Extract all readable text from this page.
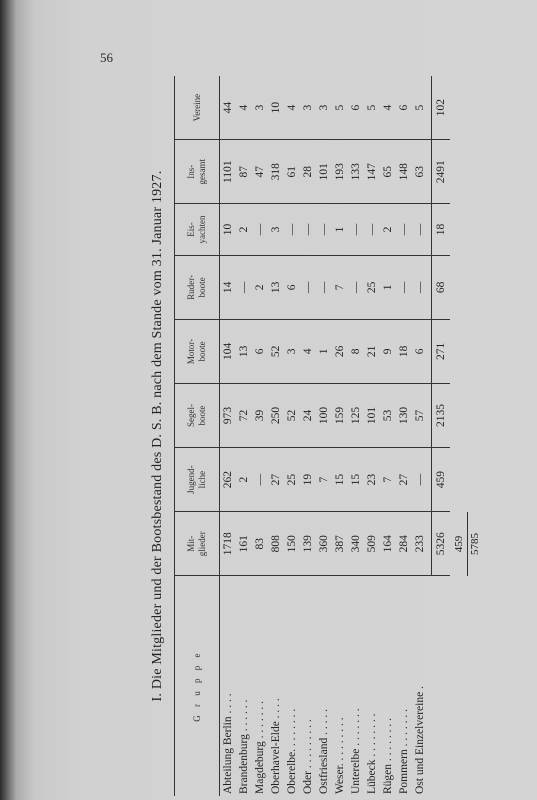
56
I. Die Mitglieder und der Bootsbestand des D. S. B. nach dem Stande vom 31. Januar 1927.	G r u p p e	Mit-
glieder	Jugend-
liche	Segel-
boote	Motor-
boote	Ruder-
boote	Eis-
yachten	Ins-
gesamt	Vereine
Abteilung Berlin . . . .	1718	262	973	104	14	10	1101	44
Brandenburg . . . . . .	161	2	72	13	—	2	87	4
Magdeburg . . . . . . .	83	—	39	6	2	—	47	3
Oberhavel-Elde . . . .	808	27	250	52	13	3	318	10
Oberelbe. . . . . . . .	150	25	52	3	6	—	61	4
Oder . . . . . . . . .	139	19	24	4	—	—	28	3
Ostfriesland . . . . .	360	7	100	1	—	—	101	3
Weser. . . . . . . . .	387	15	159	26	7	1	193	5
Unterelbe . . . . . . .	340	15	125	8	—	—	133	6
Lübeck . . . . . . . .	509	23	101	21	25	—	147	5
Rügen . . . . . . . .	164	7	53	9	1	2	65	4
Pommern . . . . . . .	284	27	130	18	—	—	148	6
Ost und Einzelvereine .	233	—	57	6	—	—	63	5
	5326	459	2135	271	68	18	2491	102
459 5785
